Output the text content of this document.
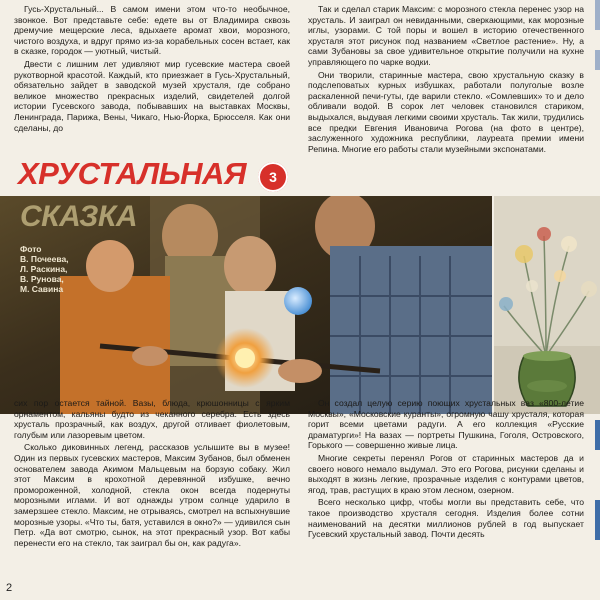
Гусь-Хрустальный... В самом имени этом что-то необычное, звонкое. Вот представьте себе: едете вы от Владимира сквозь дремучие мещерские леса, вдыхаете аромат хвои, морозного, чистого воздуха, и вдруг прямо из-за корабельных сосен встает, как в сказке, городок — уютный, чистый.

Двести с лишним лет удивляют мир гусевские мастера своей рукотворной красотой. Каждый, кто приезжает в Гусь-Хрустальный, обязательно зайдет в заводской музей хрусталя, где собрано великое множество прекрасных изделий, свидетелей долгой истории Гусевского завода, побывавших на выставках Москвы, Ленинграда, Парижа, Вены, Чикаго, Нью-Йорка, Брюсселя. Как они сделаны, до

Так и сделал старик Максим: с морозного стекла перенес узор на хрусталь. И заиграл он невиданными, сверкающими, как морозные иглы, узорами. С той поры и вошел в историю отечественного хрусталя этот рисунок под названием «Светлое растение». Ну, а сами Зубановы за свое удивительное открытие получили на кухне управляющего по чарке водки.

Они творили, старинные мастера, свою хрустальную сказку в подслеповатых курных избушках, работали полуголые возле раскаленной печи-гуты, где варили стекло. «Сомлевших» то и дело обливали водой. В сорок лет человек становился стариком, выдыхался, выдувая легкими своими хрусталь. Так жили, трудились все предки Евгения Ивановича Рогова (на фото в центре), заслуженного художника республики, лауреата премии имени Репина. Многие его работы стали музейными экспонатами.

ХРУСТАЛЬНАЯ	3
СКАЗКА
Фото
В. Почеева,
Л. Раскина,
В. Рунова,
М. Савина

сих пор остается тайной. Вазы, блюда, крюшонницы с ярким орнаментом, кальяны будто из чеканного серебра. Есть здесь хрусталь прозрачный, как воздух, другой отливает фиолетовым, голубым или лазоревым цветом.

Сколько диковинных легенд, рассказов услышите вы в музее! Один из первых гусевских мастеров, Максим Зубанов, был обменен основателем завода Акимом Мальцевым на борзую собаку. Жил этот Максим в крохотной деревянной избушке, вечно промороженной, холодной, стекла окон всегда подернуты морозными иглами. И вот однажды утром солнце ударило в замерзшее стекло. Максим, не отрываясь, смотрел на вспыхнувшие морозные узоры. «Что ты, батя, уставился в окно?» — удивился сын Петр. «Да вот смотрю, сынок, на этот прекрасный узор. Вот кабы перенести его на стекло, так заиграл бы он, как радуга».

Он создал целую серию поющих хрустальных ваз «800-летие Москвы», «Московские куранты», огромную чашу хрусталя, которая горит всеми цветами радуги. А его коллекция «Русские драматурги»! На вазах — портреты Пушкина, Гоголя, Островского, Горького — совершенно живые лица.

Многие секреты перенял Рогов от старинных мастеров да и своего нового немало выдумал. Это его Рогова, рисунки сделаны и выходят в жизнь легкие, прозрачные изделия с контурами цветов, ягод, трав, растущих в краю этом лесном, озерном.

Всего несколько цифр, чтобы могли вы представить себе, что такое производство хрусталя сегодня. Изделия более сотни наименований на десятки миллионов рублей в год выпускает Гусевский хрустальный завод. Почти десять

2
